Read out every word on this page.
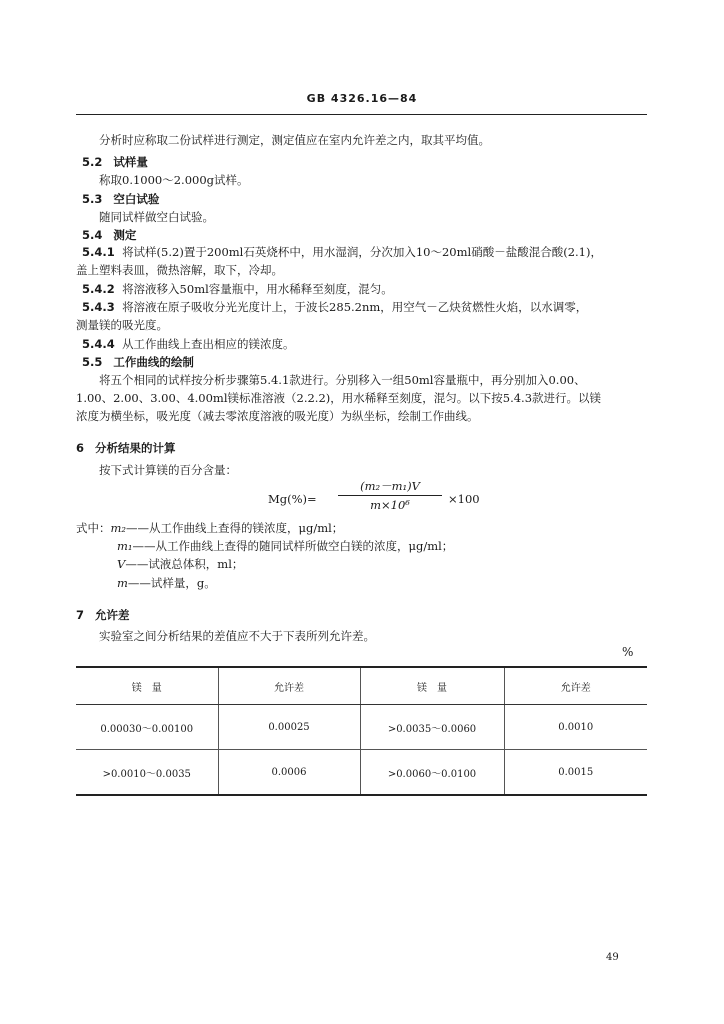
GB 4326.16—84
分析时应称取二份试样进行测定，测定值应在室内允许差之内，取其平均值。
5.2 试样量
称取0.1000～2.000g试样。
5.3 空白试验
随同试样做空白试验。
5.4 测定
5.4.1 将试样(5.2)置于200ml石英烧杯中，用水湿润，分次加入10～20ml硝酸－盐酸混合酸(2.1)，
盖上塑料表皿，微热溶解，取下，冷却。
5.4.2 将溶液移入50ml容量瓶中，用水稀释至刻度，混匀。
5.4.3 将溶液在原子吸收分光光度计上，于波长285.2nm，用空气－乙炔贫燃性火焰，以水调零，
测量镁的吸光度。
5.4.4 从工作曲线上查出相应的镁浓度。
5.5 工作曲线的绘制
将五个相同的试样按分析步骤第5.4.1款进行。分别移入一组50ml容量瓶中，再分别加入0.00、
1.00、2.00、3.00、4.00ml镁标准溶液（2.2.2)，用水稀释至刻度，混匀。以下按5.4.3款进行。以镁
浓度为横坐标，吸光度（减去零浓度溶液的吸光度）为纵坐标，绘制工作曲线。
6 分析结果的计算
按下式计算镁的百分含量：
$Mg(\%)= \frac{\text{(m₂－m₁)V}}{\text{m×10⁶}} \times 100$
式中：m₂——从工作曲线上查得的镁浓度，μg/ml；
m₁——从工作曲线上查得的随同试样所做空白镁的浓度，μg/ml；
V——试液总体积，ml；
m——试样量，g。
7 允许差
实验室之间分析结果的差值应不大于下表所列允许差。
%
镁　量	允许差	镁　量	允许差
0.00030～0.00100	0.00025	>0.0035～0.0060	0.0010
>0.0010～0.0035	0.0006	>0.0060～0.0100	0.0015
49
